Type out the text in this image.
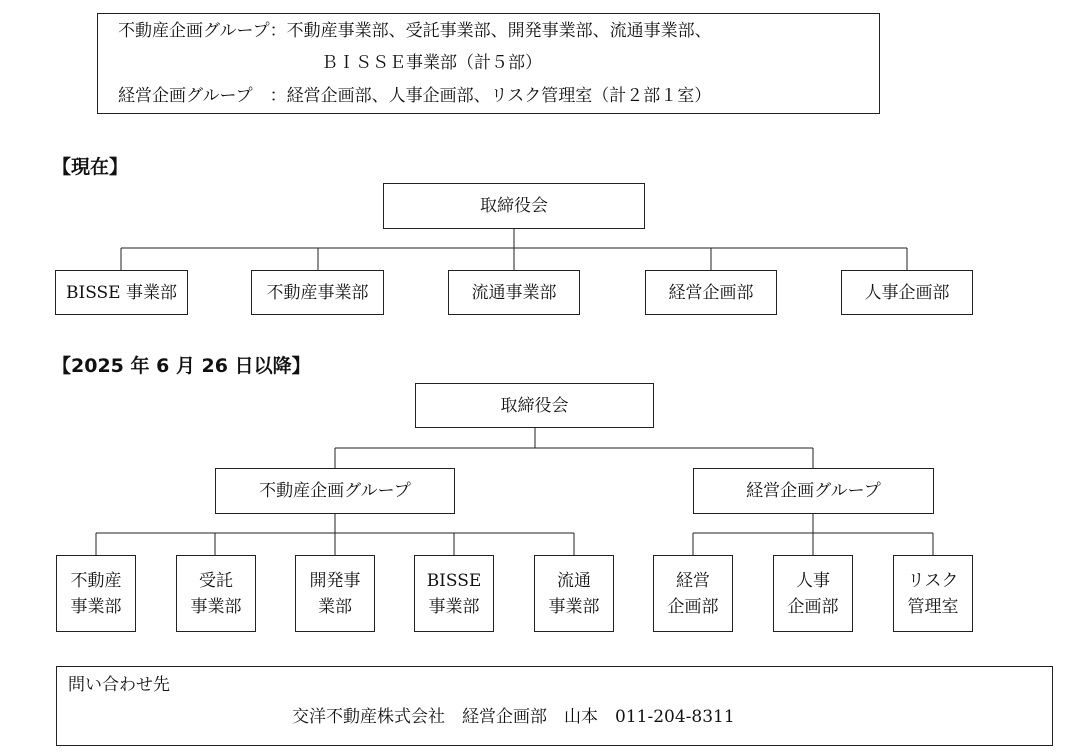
不動産企画グループ：不動産事業部、受託事業部、開発事業部、流通事業部、
ＢＩＳＳＥ事業部（計５部）
経営企画グループ　：経営企画部、人事企画部、リスク管理室（計２部１室）
【現在】
取締役会
BISSE 事業部	不動産事業部	流通事業部	経営企画部	人事企画部
【2025 年 6 月 26 日以降】
取締役会
不動産企画グループ	経営企画グループ
不動産
事業部
受託
事業部
開発事
業部
BISSE
事業部
流通
事業部
経営
企画部
人事
企画部
リスク
管理室
問い合わせ先
交洋不動産株式会社　経営企画部　山本　011-204-8311
